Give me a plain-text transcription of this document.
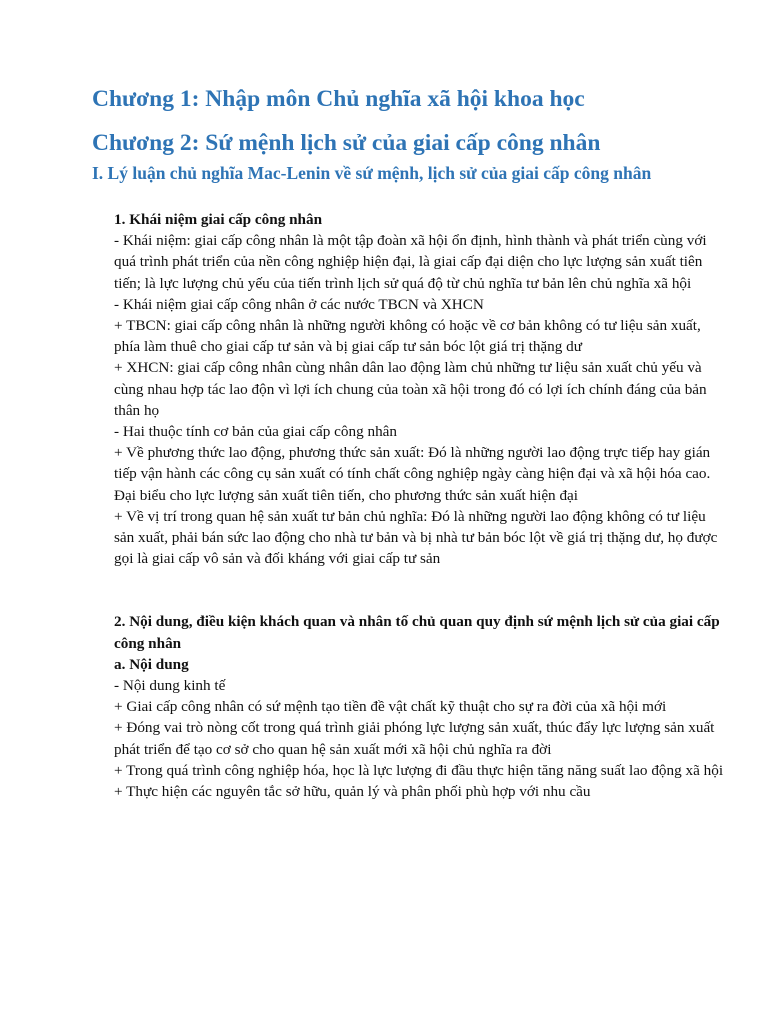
Chương 1: Nhập môn Chủ nghĩa xã hội khoa học
Chương 2: Sứ mệnh lịch sử của giai cấp công nhân
I. Lý luận chủ nghĩa Mac-Lenin về sứ mệnh, lịch sử của giai cấp công nhân

1. Khái niệm giai cấp công nhân

- Khái niệm: giai cấp công nhân là một tập đoàn xã hội ổn định, hình thành và phát triển cùng với quá trình phát triển của nền công nghiệp hiện đại, là giai cấp đại diện cho lực lượng sản xuất tiên tiến; là lực lượng chủ yếu của tiến trình lịch sử quá độ từ chủ nghĩa tư bản lên chủ nghĩa xã hội

- Khái niệm giai cấp công nhân ở các nước TBCN và XHCN

+ TBCN: giai cấp công nhân là những người không có hoặc về cơ bản không có tư liệu sản xuất, phía làm thuê cho giai cấp tư sản và bị giai cấp tư sản bóc lột giá trị thặng dư

+ XHCN: giai cấp công nhân cùng nhân dân lao động làm chủ những tư liệu sản xuất chủ yếu và cùng nhau hợp tác lao độn vì lợi ích chung của toàn xã hội trong đó có lợi ích chính đáng của bản thân họ

- Hai thuộc tính cơ bản của giai cấp công nhân

+ Về phương thức lao động, phương thức sản xuất: Đó là những người lao động trực tiếp hay gián tiếp vận hành các công cụ sản xuất có tính chất công nghiệp ngày càng hiện đại và xã hội hóa cao. Đại biểu cho lực lượng sản xuất tiên tiến, cho phương thức sản xuất hiện đại

+ Về vị trí trong quan hệ sản xuất tư bản chủ nghĩa: Đó là những người lao động không có tư liệu sản xuất, phải bán sức lao động cho nhà tư bản và bị nhà tư bản bóc lột về giá trị thặng dư, họ được gọi là giai cấp vô sản và đối kháng với giai cấp tư sản

2. Nội dung, điều kiện khách quan và nhân tố chủ quan quy định sứ mệnh lịch sử của giai cấp công nhân

a. Nội dung

- Nội dung kinh tế

+ Giai cấp công nhân có sứ mệnh tạo tiền đề vật chất kỹ thuật cho sự ra đời của xã hội mới

+ Đóng vai trò nòng cốt trong quá trình giải phóng lực lượng sản xuất, thúc đẩy lực lượng sản xuất phát triển để tạo cơ sở cho quan hệ sản xuất mới xã hội chủ nghĩa ra đời

+ Trong quá trình công nghiệp hóa, học là lực lượng đi đầu thực hiện tăng năng suất lao động xã hội

+ Thực hiện các nguyên tắc sở hữu, quản lý và phân phối phù hợp với nhu cầu
